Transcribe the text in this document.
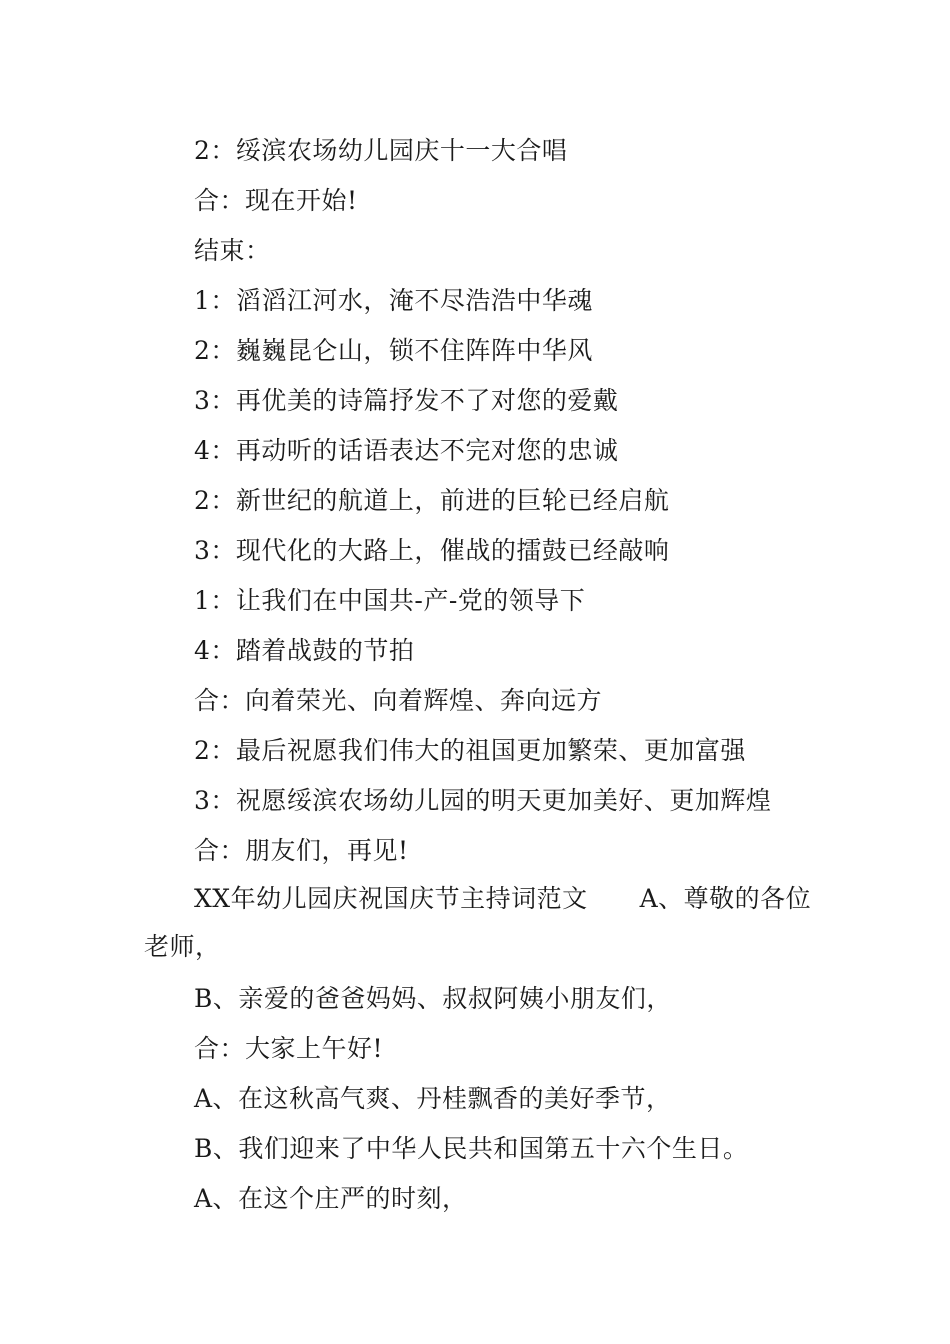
2：绥滨农场幼儿园庆十一大合唱
合：现在开始!
结束：
1：滔滔江河水，淹不尽浩浩中华魂
2：巍巍昆仑山，锁不住阵阵中华风
3：再优美的诗篇抒发不了对您的爱戴
4：再动听的话语表达不完对您的忠诚
2：新世纪的航道上，前进的巨轮已经启航
3：现代化的大路上，催战的擂鼓已经敲响
1：让我们在中国共-产-党的领导下
4：踏着战鼓的节拍
合：向着荣光、向着辉煌、奔向远方
2：最后祝愿我们伟大的祖国更加繁荣、更加富强
3：祝愿绥滨农场幼儿园的明天更加美好、更加辉煌
合：朋友们，再见!
XX年幼儿园庆祝国庆节主持词范文 A、尊敬的各位
老师，
B、亲爱的爸爸妈妈、叔叔阿姨小朋友们，
合：大家上午好!
A、在这秋高气爽、丹桂飘香的美好季节，
B、我们迎来了中华人民共和国第五十六个生日。
A、在这个庄严的时刻，
